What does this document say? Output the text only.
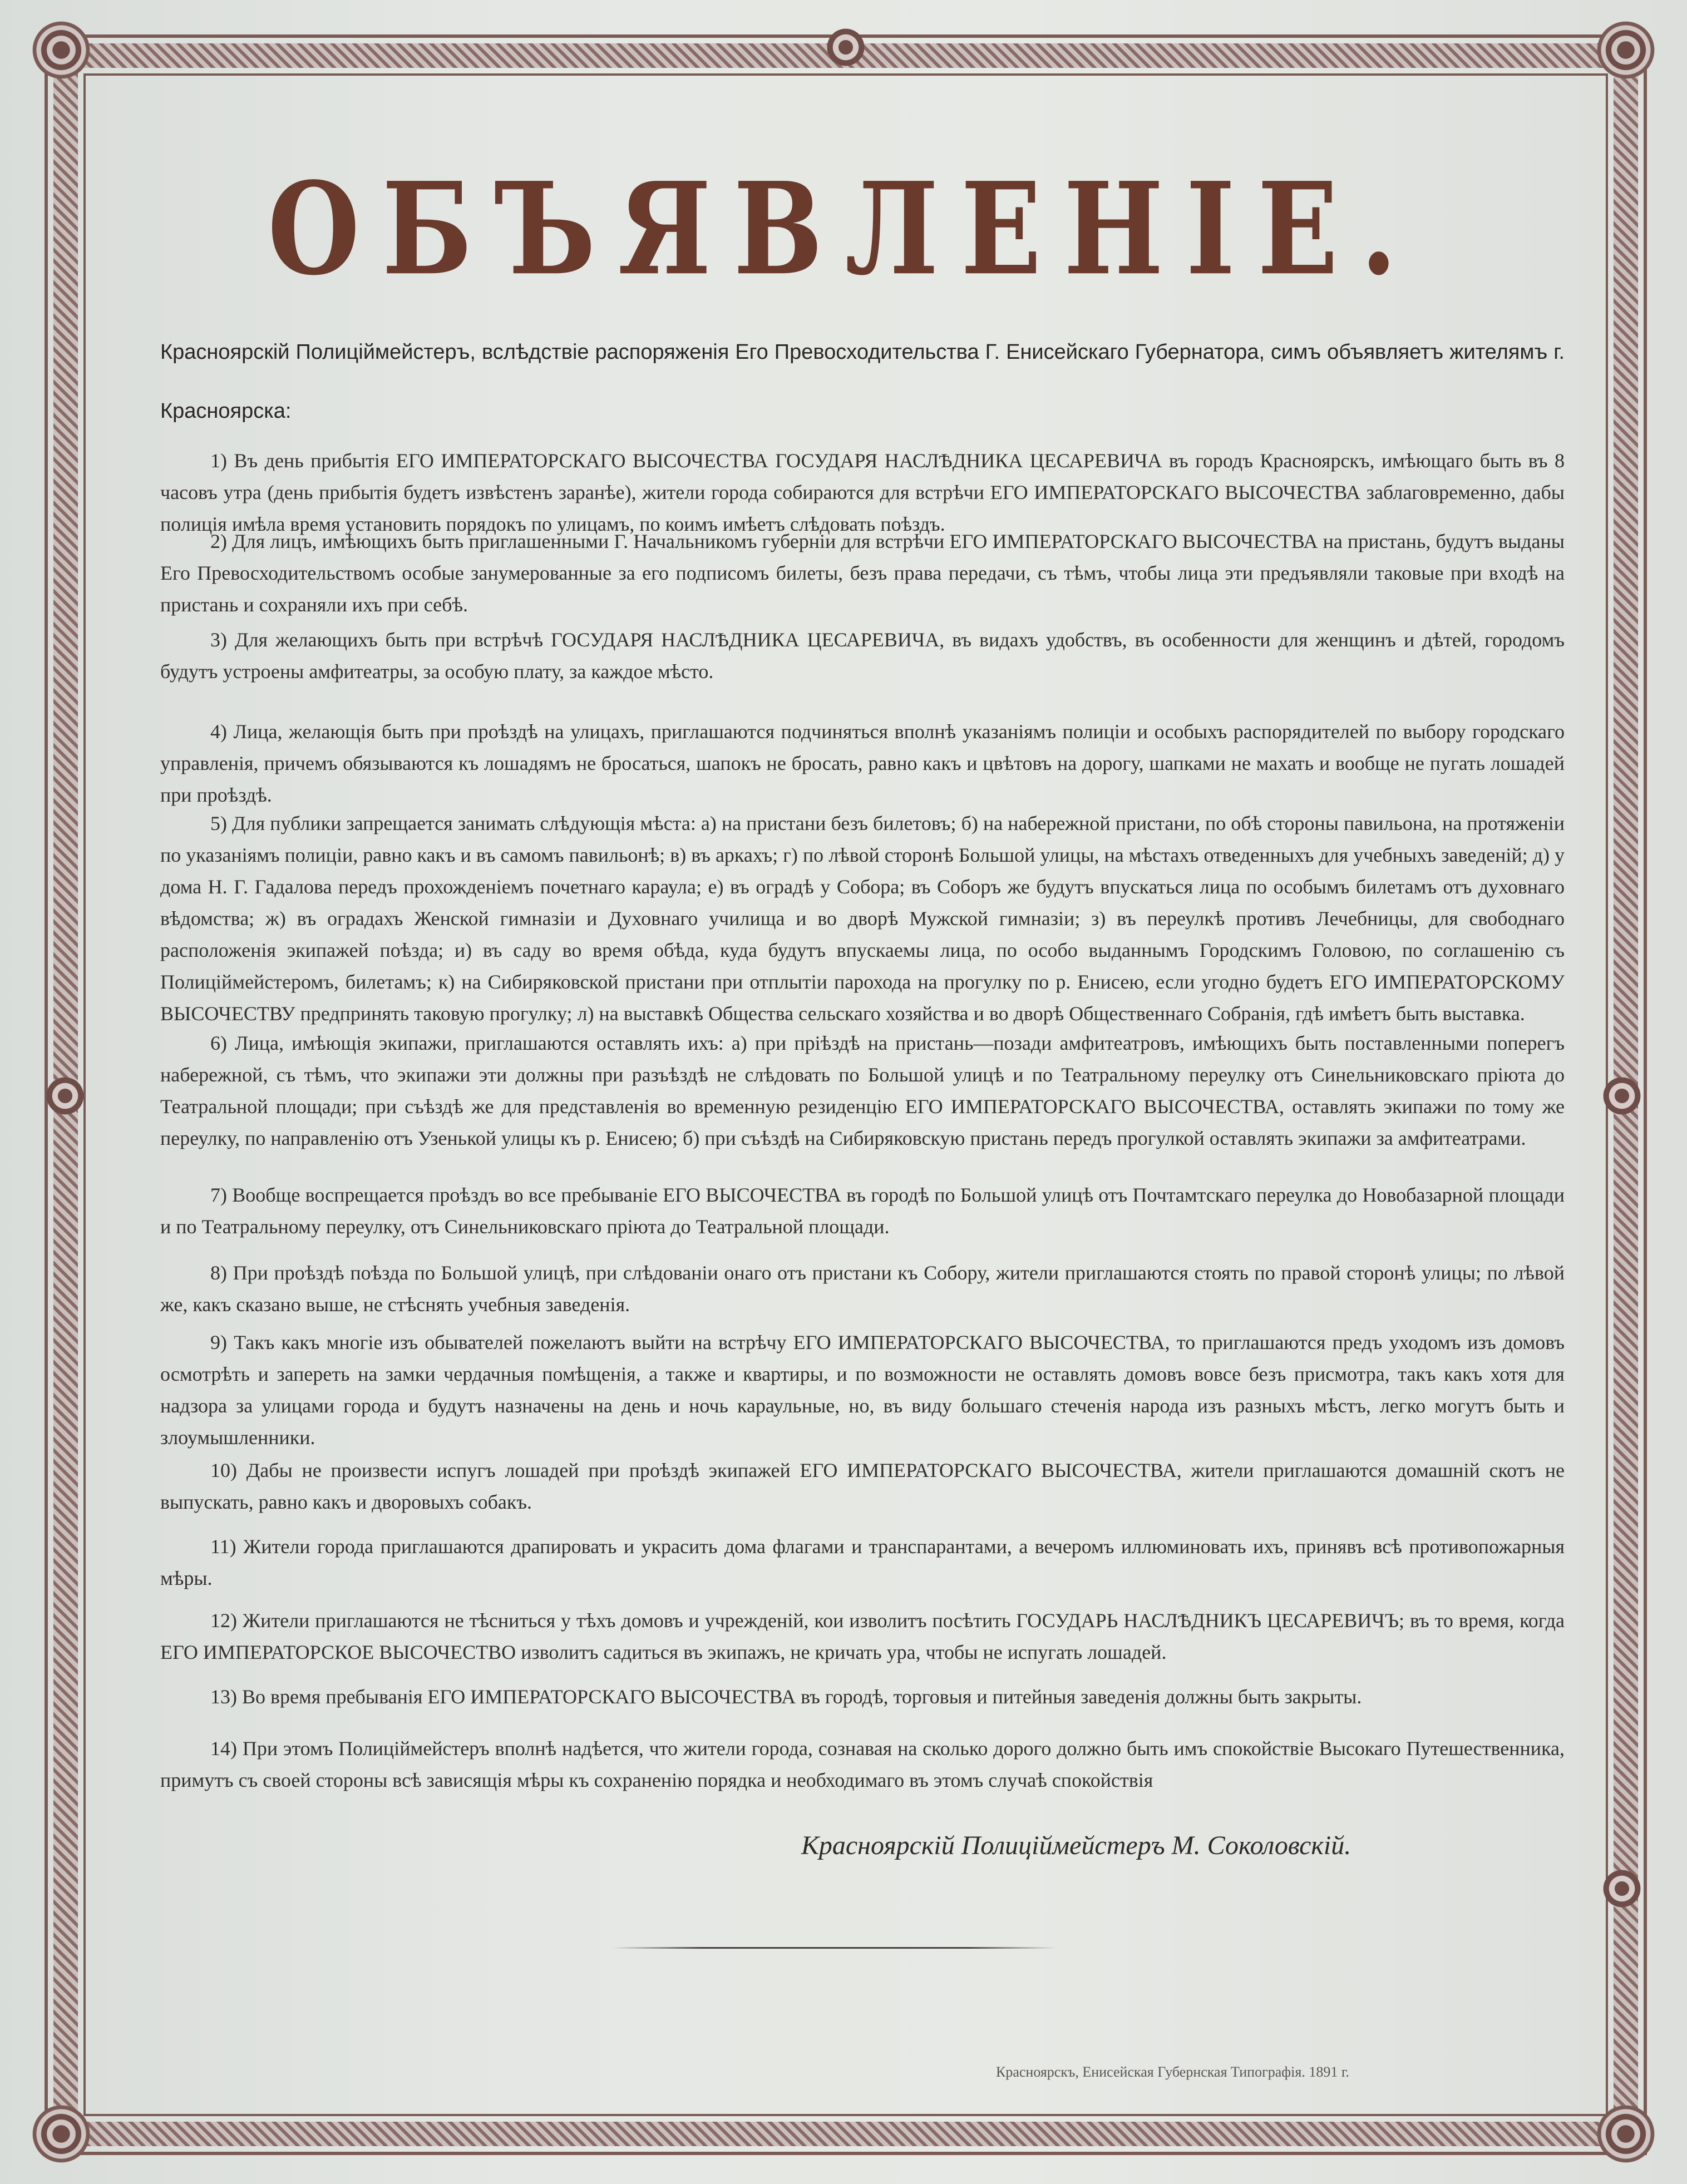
ОБЪЯВЛЕНIЕ.
Красноярскій Полиціймейстеръ, вслѣдствіе распоряженія Его Превосходительства Г. Енисейскаго Губернатора, симъ объявляетъ жителямъ г. Красноярска:
1) Въ день прибытія ЕГО ИМПЕРАТОРСКАГО ВЫСОЧЕСТВА ГОСУДАРЯ НАСЛѢДНИКА ЦЕСАРЕВИЧА въ городъ Красноярскъ, имѣющаго быть въ 8 часовъ утра (день прибытія будетъ извѣстенъ заранѣе), жители города собираются для встрѣчи ЕГО ИМПЕРАТОРСКАГО ВЫСОЧЕСТВА заблаговременно, дабы полиція имѣла время установить порядокъ по улицамъ, по коимъ имѣетъ слѣдовать поѣздъ.
2) Для лицъ, имѣющихъ быть приглашенными Г. Начальникомъ губерніи для встрѣчи ЕГО ИМПЕРАТОРСКАГО ВЫСОЧЕСТВА на пристань, будутъ выданы Его Превосходительствомъ особые занумерованные за его подписомъ билеты, безъ права передачи, съ тѣмъ, чтобы лица эти предъявляли таковые при входѣ на пристань и сохраняли ихъ при себѣ.
3) Для желающихъ быть при встрѣчѣ ГОСУДАРЯ НАСЛѢДНИКА ЦЕСАРЕВИЧА, въ видахъ удобствъ, въ особенности для женщинъ и дѣтей, городомъ будутъ устроены амфитеатры, за особую плату, за каждое мѣсто.
4) Лица, желающія быть при проѣздѣ на улицахъ, приглашаются подчиняться вполнѣ указаніямъ полиціи и особыхъ распорядителей по выбору городскаго управленія, причемъ обязываются къ лошадямъ не бросаться, шапокъ не бросать, равно какъ и цвѣтовъ на дорогу, шапками не махать и вообще не пугать лошадей при проѣздѣ.
5) Для публики запрещается занимать слѣдующія мѣста: а) на пристани безъ билетовъ; б) на набережной пристани, по обѣ стороны павильона, на протяженіи по указаніямъ полиціи, равно какъ и въ самомъ павильонѣ; в) въ аркахъ; г) по лѣвой сторонѣ Большой улицы, на мѣстахъ отведенныхъ для учебныхъ заведеній; д) у дома Н. Г. Гадалова передъ прохожденіемъ почетнаго караула; е) въ оградѣ у Собора; въ Соборъ же будутъ впускаться лица по особымъ билетамъ отъ духовнаго вѣдомства; ж) въ оградахъ Женской гимназіи и Духовнаго училища и во дворѣ Мужской гимназіи; з) въ переулкѣ противъ Лечебницы, для свободнаго расположенія экипажей поѣзда; и) въ саду во время обѣда, куда будутъ впускаемы лица, по особо выданнымъ Городскимъ Головою, по соглашенію съ Полиціймейстеромъ, билетамъ; к) на Сибиряковской пристани при отплытіи парохода на прогулку по р. Енисею, если угодно будетъ ЕГО ИМПЕРАТОРСКОМУ ВЫСОЧЕСТВУ предпринять таковую прогулку; л) на выставкѣ Общества сельскаго хозяйства и во дворѣ Общественнаго Собранія, гдѣ имѣетъ быть выставка.
6) Лица, имѣющія экипажи, приглашаются оставлять ихъ: а) при пріѣздѣ на пристань—позади амфитеатровъ, имѣющихъ быть поставленными поперегъ набережной, съ тѣмъ, что экипажи эти должны при разъѣздѣ не слѣдовать по Большой улицѣ и по Театральному переулку отъ Синельниковскаго пріюта до Театральной площади; при съѣздѣ же для представленія во временную резиденцію ЕГО ИМПЕРАТОРСКАГО ВЫСОЧЕСТВА, оставлять экипажи по тому же переулку, по направленію отъ Узенькой улицы къ р. Енисею; б) при съѣздѣ на Сибиряковскую пристань передъ прогулкой оставлять экипажи за амфитеатрами.
7) Вообще воспрещается проѣздъ во все пребываніе ЕГО ВЫСОЧЕСТВА въ городѣ по Большой улицѣ отъ Почтамтскаго переулка до Новобазарной площади и по Театральному переулку, отъ Синельниковскаго пріюта до Театральной площади.
8) При проѣздѣ поѣзда по Большой улицѣ, при слѣдованіи онаго отъ пристани къ Собору, жители приглашаются стоять по правой сторонѣ улицы; по лѣвой же, какъ сказано выше, не стѣснять учебныя заведенія.
9) Такъ какъ многіе изъ обывателей пожелаютъ выйти на встрѣчу ЕГО ИМПЕРАТОРСКАГО ВЫСОЧЕСТВА, то приглашаются предъ уходомъ изъ домовъ осмотрѣть и запереть на замки чердачныя помѣщенія, а также и квартиры, и по возможности не оставлять домовъ вовсе безъ присмотра, такъ какъ хотя для надзора за улицами города и будутъ назначены на день и ночь караульные, но, въ виду большаго стеченія народа изъ разныхъ мѣстъ, легко могутъ быть и злоумышленники.
10) Дабы не произвести испугъ лошадей при проѣздѣ экипажей ЕГО ИМПЕРАТОРСКАГО ВЫСОЧЕСТВА, жители приглашаются домашній скотъ не выпускать, равно какъ и дворовыхъ собакъ.
11) Жители города приглашаются драпировать и украсить дома флагами и транспарантами, а вечеромъ иллюминовать ихъ, принявъ всѣ противопожарныя мѣры.
12) Жители приглашаются не тѣсниться у тѣхъ домовъ и учрежденій, кои изволитъ посѣтить ГОСУДАРЬ НАСЛѢДНИКЪ ЦЕСАРЕВИЧЪ; въ то время, когда ЕГО ИМПЕРАТОРСКОЕ ВЫСОЧЕСТВО изволитъ садиться въ экипажъ, не кричать ура, чтобы не испугать лошадей.
13) Во время пребыванія ЕГО ИМПЕРАТОРСКАГО ВЫСОЧЕСТВА въ городѣ, торговыя и питейныя заведенія должны быть закрыты.
14) При этомъ Полиціймейстеръ вполнѣ надѣется, что жители города, сознавая на сколько дорого должно быть имъ спокойствіе Высокаго Путешественника, примутъ съ своей стороны всѣ зависящія мѣры къ сохраненію порядка и необходимаго въ этомъ случаѣ спокойствія
Красноярскій Полиціймейстеръ М. Соколовскій.
Красноярскъ, Енисейская Губернская Типографія. 1891 г.
